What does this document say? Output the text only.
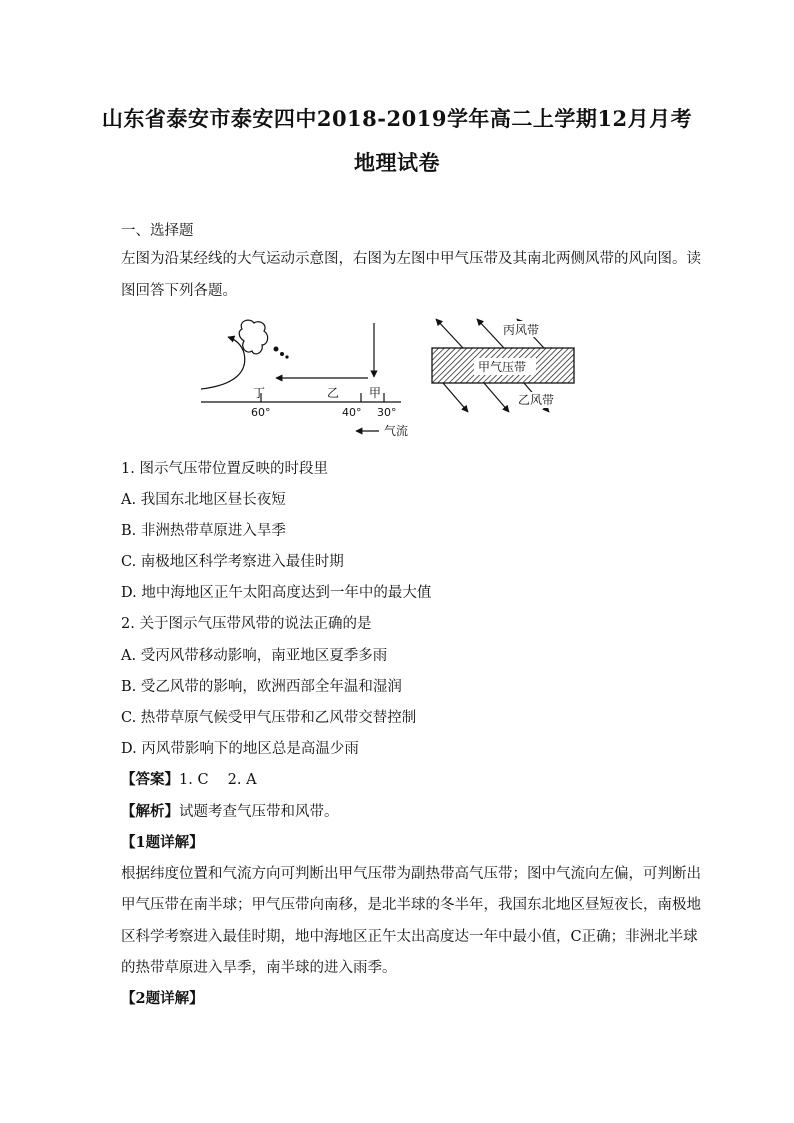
山东省泰安市泰安四中2018-2019学年高二上学期12月月考
地理试卷
一、选择题
左图为沿某经线的大气运动示意图，右图为左图中甲气压带及其南北两侧风带的风向图。读
图回答下列各题。
丁	乙 甲
60°	40° 30°
气流
甲气压带
丙风带
乙风带
1. 图示气压带位置反映的时段里
A. 我国东北地区昼长夜短
B. 非洲热带草原进入旱季
C. 南极地区科学考察进入最佳时期
D. 地中海地区正午太阳高度达到一年中的最大值
2. 关于图示气压带风带的说法正确的是
A. 受丙风带移动影响，南亚地区夏季多雨
B. 受乙风带的影响，欧洲西部全年温和湿润
C. 热带草原气候受甲气压带和乙风带交替控制
D. 丙风带影响下的地区总是高温少雨
【答案】1. C　 2. A
【解析】试题考查气压带和风带。
【1题详解】
根据纬度位置和气流方向可判断出甲气压带为副热带高气压带；图中气流向左偏，可判断出
甲气压带在南半球；甲气压带向南移，是北半球的冬半年，我国东北地区昼短夜长，南极地
区科学考察进入最佳时期，地中海地区正午太出高度达一年中最小值，C正确；非洲北半球
的热带草原进入旱季，南半球的进入雨季。
【2题详解】
